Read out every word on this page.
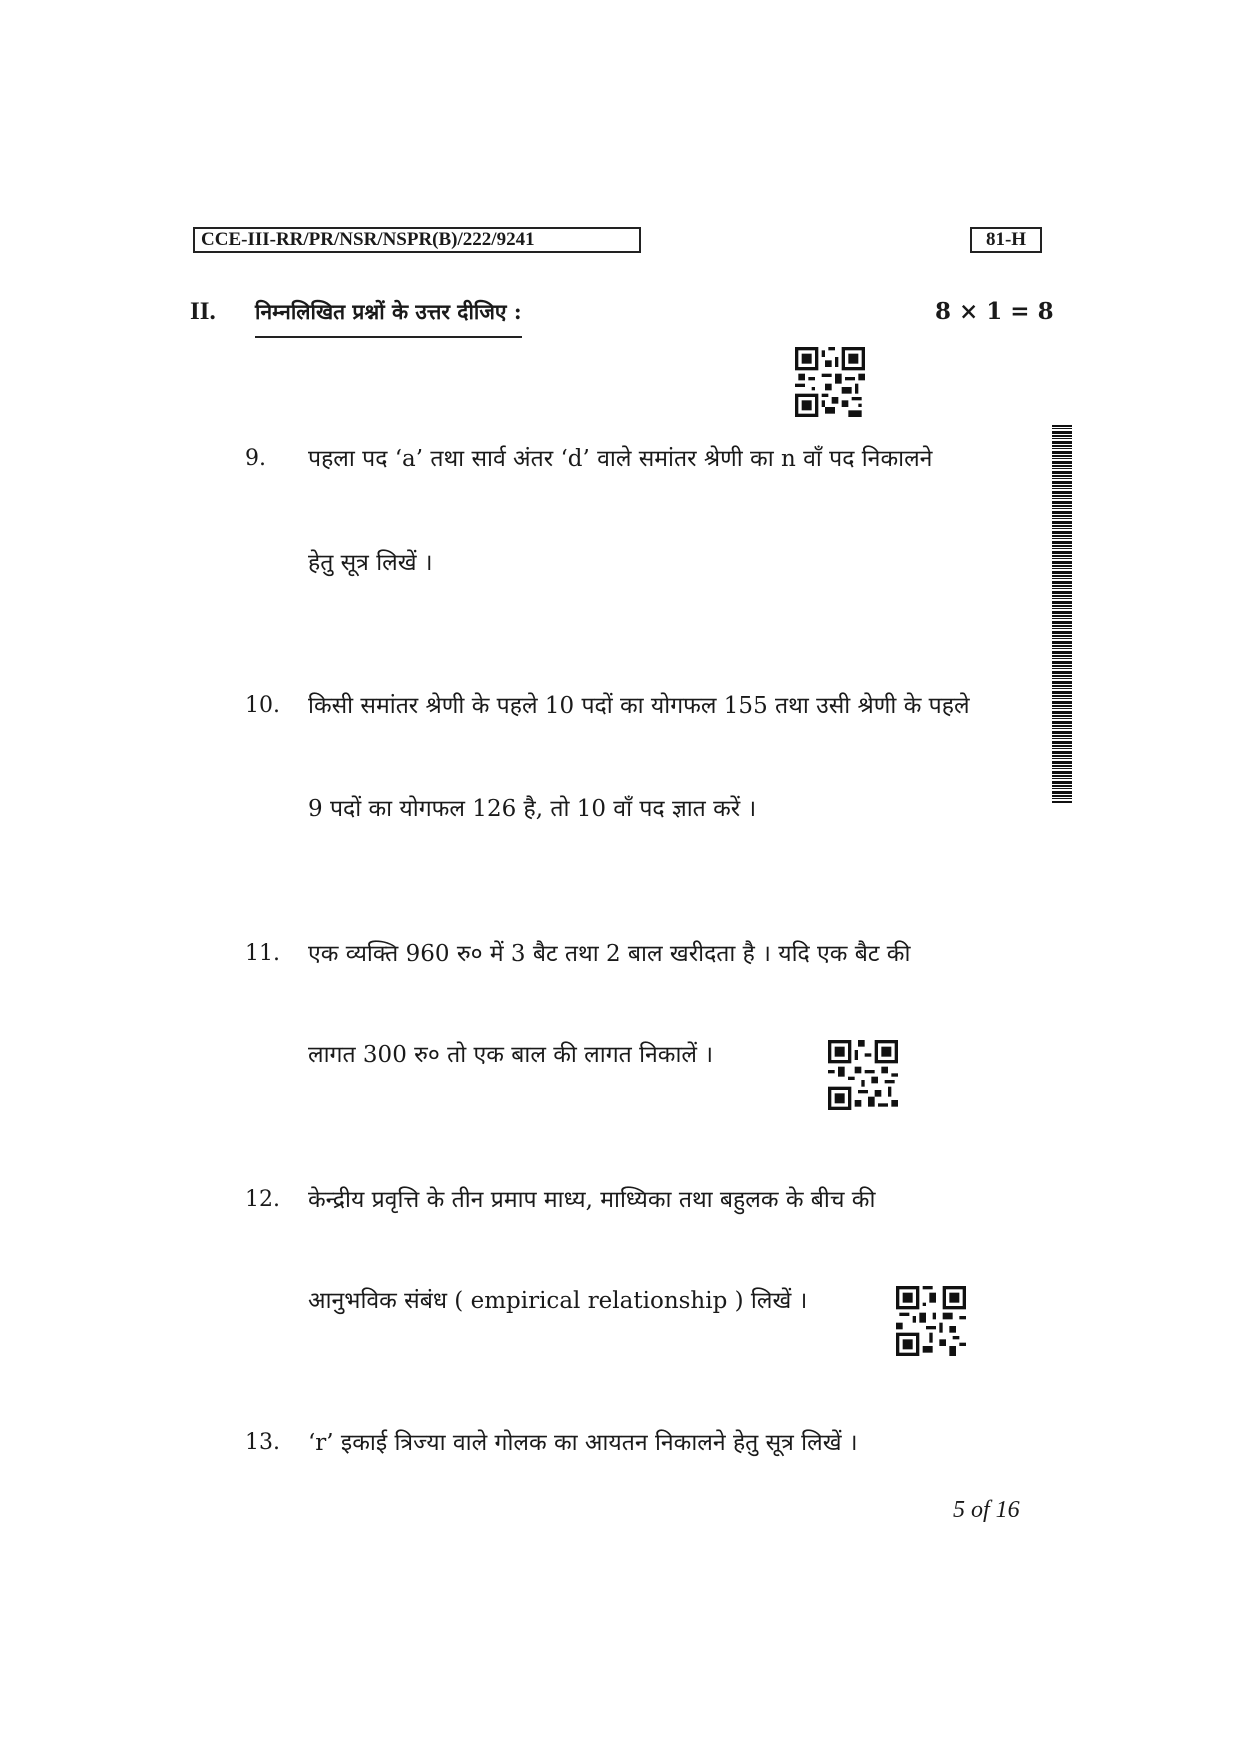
CCE-III-RR/PR/NSR/NSPR(B)/222/9241	81-H
II. निम्नलिखित प्रश्नों के उत्तर दीजिए :	8 × 1 = 8
9. पहला पद ‘a’ तथा सार्व अंतर ‘d’ वाले समांतर श्रेणी का n वाँ पद निकालने
हेतु सूत्र लिखें ।
10. किसी समांतर श्रेणी के पहले 10 पदों का योगफल 155 तथा उसी श्रेणी के पहले
9 पदों का योगफल 126 है, तो 10 वाँ पद ज्ञात करें ।
11. एक व्यक्ति 960 रु० में 3 बैट तथा 2 बाल खरीदता है । यदि एक बैट की
लागत 300 रु० तो एक बाल की लागत निकालें ।
12. केन्द्रीय प्रवृत्ति के तीन प्रमाप माध्य, माध्यिका तथा बहुलक के बीच की
आनुभविक संबंध ( empirical relationship ) लिखें ।
13. ‘r’ इकाई त्रिज्या वाले गोलक का आयतन निकालने हेतु सूत्र लिखें ।
5 of 16
